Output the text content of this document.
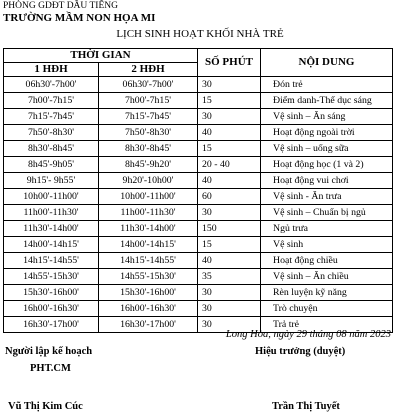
PHÒNG GDĐT DẦU TIẾNG
TRƯỜNG MẦM NON HỌA MI
LỊCH SINH HOẠT KHỐI NHÀ TRẺ
THỜI GIAN		SỐ PHÚT	NỘI DUNG
1 HĐH	2 HĐH		
06h30'-7h00'	06h30'-7h00'	30	Đón trẻ
7h00'-7h15'	7h00'-7h15'	15	Điểm danh-Thể dục sáng
7h15'-7h45'	7h15'-7h45'	30	Vệ sinh – Ăn sáng
7h50'-8h30'	7h50'-8h30'	40	Hoạt động ngoài trời
8h30'-8h45'	8h30'-8h45'	15	Vệ sinh – uống sữa
8h45'-9h05'	8h45'-9h20'	20 - 40	Hoạt động học (1 và 2)
9h15'- 9h55'	9h20'-10h00'	40	Hoạt động vui chơi
10h00'-11h00'	10h00'-11h00'	60	Vệ sinh - Ăn trưa
11h00'-11h30'	11h00'-11h30'	30	Vệ sinh – Chuẩn bị ngủ
11h30'-14h00'	11h30'-14h00'	150	Ngủ trưa
14h00'-14h15'	14h00'-14h15'	15	Vệ sinh
14h15'-14h55'	14h15'-14h55'	40	Hoạt động chiều
14h55'-15h30'	14h55'-15h30'	35	Vệ sinh – Ăn chiều
15h30'-16h00'	15h30'-16h00'	30	Rèn luyện kỹ năng
16h00'-16h30'	16h00'-16h30'	30	Trò chuyện
16h30'-17h00'	16h30'-17h00'	30	Trả trẻ
Long Hòa, ngày 29 tháng 08 năm 2023
Người lập kế hoạch	Hiệu trưởng (duyệt)
PHT.CM
Vũ Thị Kim Cúc	Trần Thị Tuyết
